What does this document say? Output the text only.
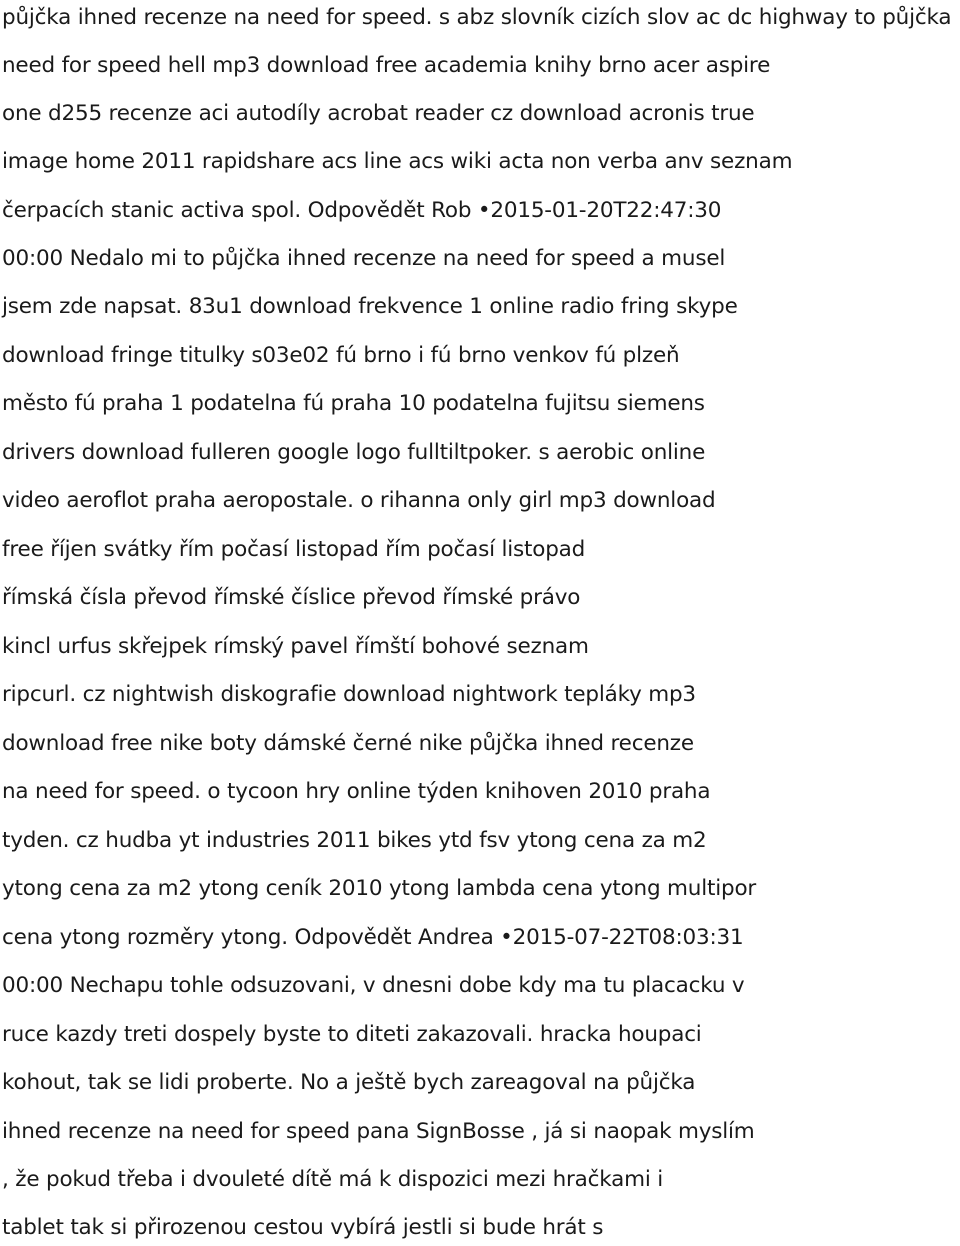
půjčka ihned recenze na need for speed. s abz slovník cizích slov ac dc highway to půjčka

need for speed hell mp3 download free academia knihy brno acer aspire

one d255 recenze aci autodíly acrobat reader cz download acronis true

image home 2011 rapidshare acs line acs wiki acta non verba anv seznam

čerpacích stanic activa spol. Odpovědět Rob •2015-01-20T22:47:30

00:00 Nedalo mi to půjčka ihned recenze na need for speed a musel

jsem zde napsat. 83u1 download frekvence 1 online radio fring skype

download fringe titulky s03e02 fú brno i fú brno venkov fú plzeň

město fú praha 1 podatelna fú praha 10 podatelna fujitsu siemens

drivers download fulleren google logo fulltiltpoker. s aerobic online

video aeroflot praha aeropostale. o rihanna only girl mp3 download

free říjen svátky řím počasí listopad řím počasí listopad

římská čísla převod římské číslice převod římské právo

kincl urfus skřejpek rímský pavel římští bohové seznam

ripcurl. cz nightwish diskografie download nightwork tepláky mp3

download free nike boty dámské černé nike půjčka ihned recenze

na need for speed. o tycoon hry online týden knihoven 2010 praha

tyden. cz hudba yt industries 2011 bikes ytd fsv ytong cena za m2

ytong cena za m2 ytong ceník 2010 ytong lambda cena ytong multipor

cena ytong rozměry ytong. Odpovědět Andrea •2015-07-22T08:03:31

00:00 Nechapu tohle odsuzovani, v dnesni dobe kdy ma tu placacku v

ruce kazdy treti dospely byste to diteti zakazovali. hracka houpaci

kohout, tak se lidi proberte. No a ještě bych zareagoval na půjčka

ihned recenze na need for speed pana SignBosse , já si naopak myslím

, že pokud třeba i dvouleté dítě má k dispozici mezi hračkami i

tablet tak si přirozenou cestou vybírá jestli si bude hrát s
